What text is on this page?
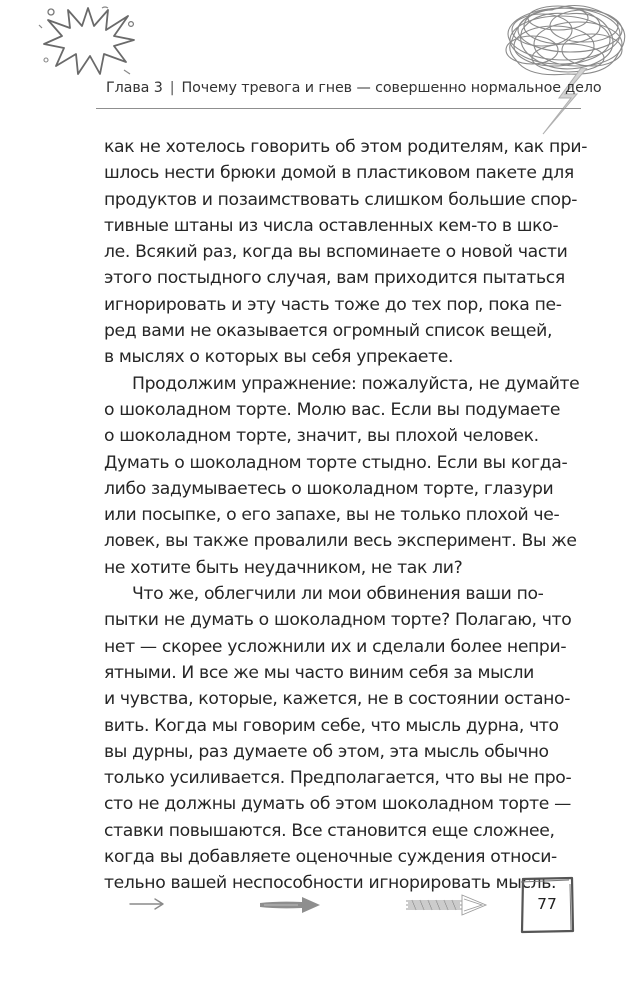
Глава 3 | Почему тревога и гнев — совершенно нормальное дело
как не хотелось говорить об этом родителям, как при-
шлось нести брюки домой в пластиковом пакете для
продуктов и позаимствовать слишком большие спор-
тивные штаны из числа оставленных кем-то в шко-
ле. Всякий раз, когда вы вспоминаете о новой части
этого постыдного случая, вам приходится пытаться
игнорировать и эту часть тоже до тех пор, пока пе-
ред вами не оказывается огромный список вещей,
в мыслях о которых вы себя упрекаете.
Продолжим упражнение: пожалуйста, не думайте
о шоколадном торте. Молю вас. Если вы подумаете
о шоколадном торте, значит, вы плохой человек.
Думать о шоколадном торте стыдно. Если вы когда-
либо задумываетесь о шоколадном торте, глазури
или посыпке, о его запахе, вы не только плохой че-
ловек, вы также провалили весь эксперимент. Вы же
не хотите быть неудачником, не так ли?
Что же, облегчили ли мои обвинения ваши по-
пытки не думать о шоколадном торте? Полагаю, что
нет — скорее усложнили их и сделали более непри-
ятными. И все же мы часто виним себя за мысли
и чувства, которые, кажется, не в состоянии остано-
вить. Когда мы говорим себе, что мысль дурна, что
вы дурны, раз думаете об этом, эта мысль обычно
только усиливается. Предполагается, что вы не про-
сто не должны думать об этом шоколадном торте —
ставки повышаются. Все становится еще сложнее,
когда вы добавляете оценочные суждения относи-
тельно вашей неспособности игнорировать мысль.
77
